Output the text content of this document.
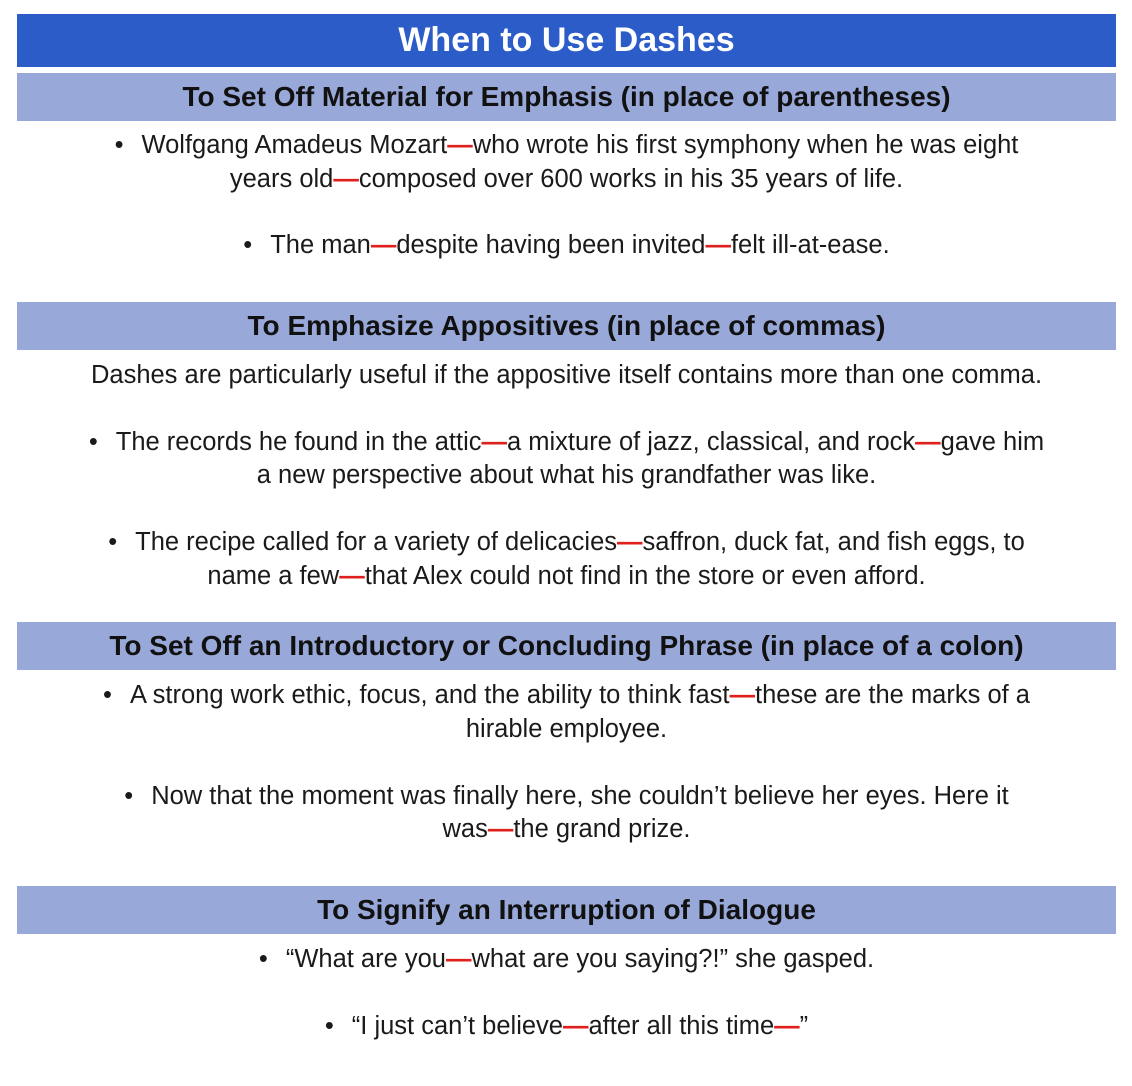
When to Use Dashes
To Set Off Material for Emphasis (in place of parentheses)
• Wolfgang Amadeus Mozart—who wrote his first symphony when he was eight
years old—composed over 600 works in his 35 years of life.
• The man—despite having been invited—felt ill-at-ease.
To Emphasize Appositives (in place of commas)
Dashes are particularly useful if the appositive itself contains more than one comma.
• The records he found in the attic—a mixture of jazz, classical, and rock—gave him
a new perspective about what his grandfather was like.
• The recipe called for a variety of delicacies—saffron, duck fat, and fish eggs, to
name a few—that Alex could not find in the store or even afford.
To Set Off an Introductory or Concluding Phrase (in place of a colon)
• A strong work ethic, focus, and the ability to think fast—these are the marks of a
hirable employee.
• Now that the moment was finally here, she couldn’t believe her eyes. Here it
was—the grand prize.
To Signify an Interruption of Dialogue
• “What are you—what are you saying?!” she gasped.
• “I just can’t believe—after all this time—”
